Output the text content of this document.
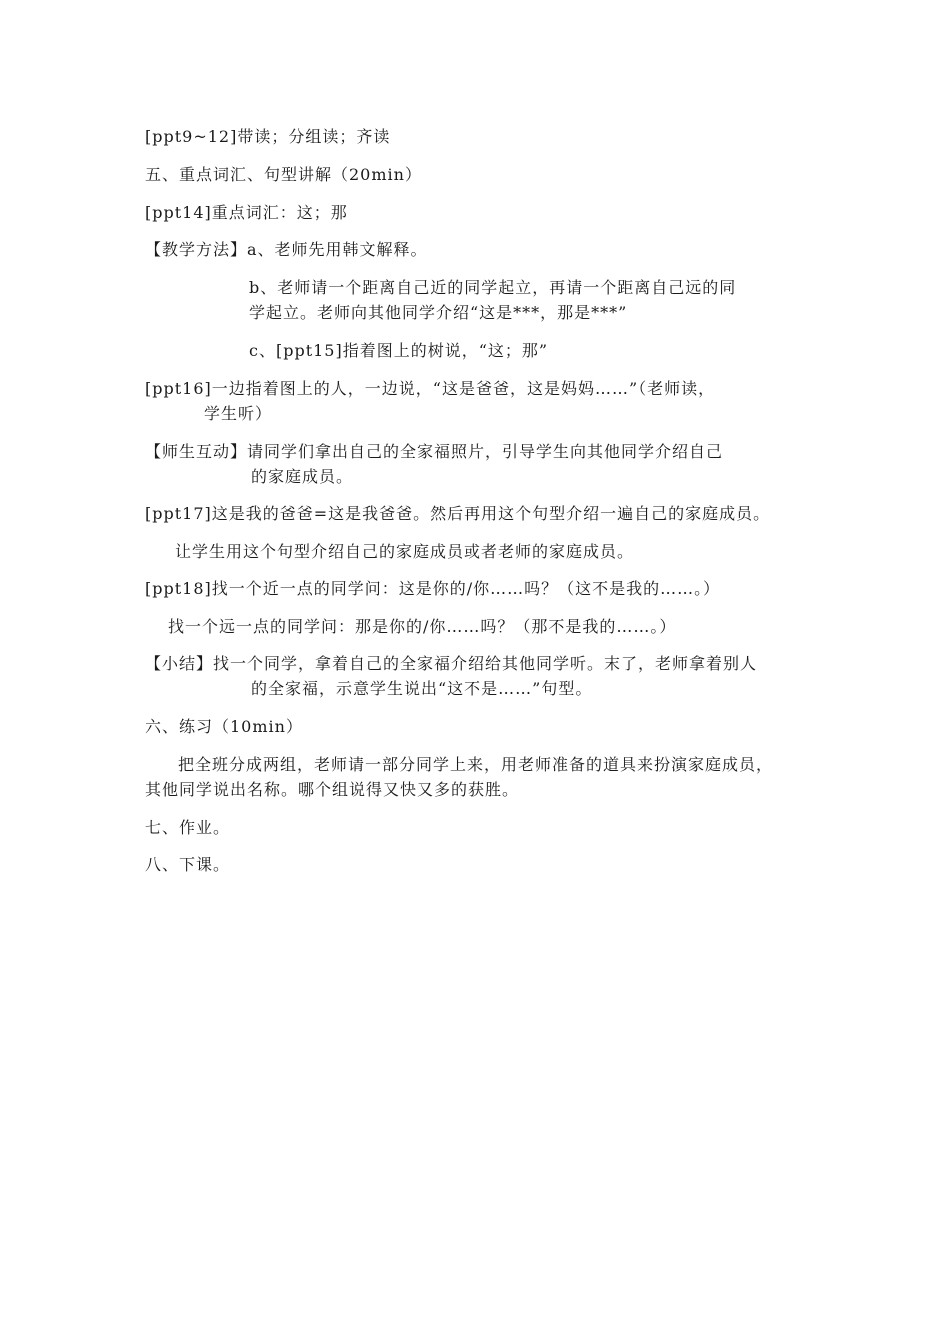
[ppt9~12]带读；分组读；齐读
五、重点词汇、句型讲解（20min）
[ppt14]重点词汇：这；那
【教学方法】a、老师先用韩文解释。
b、老师请一个距离自己近的同学起立，再请一个距离自己远的同
学起立。老师向其他同学介绍“这是***，那是***”
c、[ppt15]指着图上的树说，“这；那”
[ppt16]一边指着图上的人，一边说，“这是爸爸，这是妈妈……”（老师读，
学生听）
【师生互动】请同学们拿出自己的全家福照片，引导学生向其他同学介绍自己
的家庭成员。
[ppt17]这是我的爸爸=这是我爸爸。然后再用这个句型介绍一遍自己的家庭成员。
让学生用这个句型介绍自己的家庭成员或者老师的家庭成员。
[ppt18]找一个近一点的同学问：这是你的/你……吗？（这不是我的……。）
找一个远一点的同学问：那是你的/你……吗？（那不是我的……。）
【小结】找一个同学，拿着自己的全家福介绍给其他同学听。末了，老师拿着别人
的全家福，示意学生说出“这不是……”句型。
六、练习（10min）
把全班分成两组，老师请一部分同学上来，用老师准备的道具来扮演家庭成员，
其他同学说出名称。哪个组说得又快又多的获胜。
七、作业。
八、下课。
